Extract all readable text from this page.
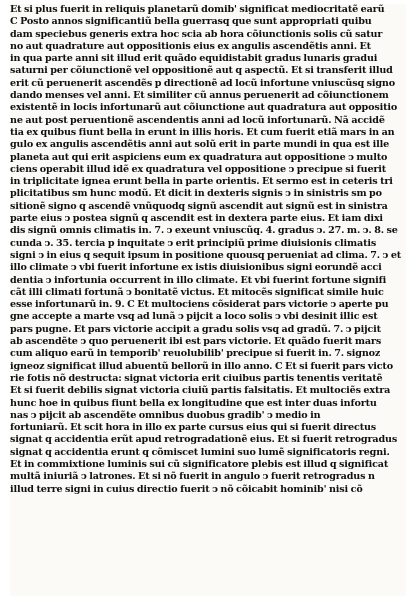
Et si plus fuerit in reliquis planetarũ domib' significat mediocritatẽ earũ
C Posto annos significantiũ bella guerrasq que sunt appropriati quibu
dam speciebus generis extra hoc scia ab hora cõiunctionis solis cũ satur
no aut quadrature aut oppositionis eius ex angulis ascendẽtis anni. Et
in qua parte anni sit illud erit quãdo equidistabit gradus lunaris gradui
saturni per cõiunctionẽ vel oppositionẽ aut q aspectũ. Et si transferit illud
erit cũ peruenerit ascendẽs p directionẽ ad locũ infortune vniuscũsq signo
dando menses vel anni. Et similiter cũ annus peruenerit ad cõiunctionem
existentẽ in locis infortunarũ aut cõiunctione aut quadratura aut oppositio
ne aut post peruentionẽ ascendentis anni ad locũ infortunarũ. Nã accidẽ
tia ex quibus fiunt bella in erunt in illis horis. Et cum fuerit etiã mars in an
gulo ex angulis ascendẽtis anni aut solũ erit in parte mundi in qua est ille
planeta aut qui erit aspiciens eum ex quadratura aut oppositione ↄ multo
ciens operabit illud idẽ ex quadratura vel oppositione ↄ precipue si fuerit
in triplicitate ignea erunt bella in parte orientis. Et sermo est in ceteris tri
plicitatibus sm hunc modũ. Et dicit in dexteris signis ↄ in sinistris sm po
sitionẽ signo q ascendẽ vnũquodq signũ ascendit aut signũ est in sinistra
parte eius ↄ postea signũ q ascendit est in dextera parte eius. Et iam dixi
dis signũ omnis climatis in. 7. ↄ exeunt vniuscũq. 4. gradus ↄ. 27. m. ↄ. 8. se
cunda ↄ. 35. tercia p inquitate ↄ erit principiũ prime diuisionis climatis
signi ↄ in eius q sequit ipsum in positione quousq perueniat ad clima. 7. ↄ et
illo climate ↄ vbi fuerit infortune ex istis diuisionibus signi eorundẽ acci
dentia ↄ infortunia occurrent in illo climate. Et vbi fuerint fortune signifi
cãt illi climati fortunã ↄ bonitatẽ victus. Et mitocẽs significat simile huic
esse infortunarũ in. 9. C Et multociens cõsiderat pars victorie ↄ aperte pu
gne accepte a marte vsq ad lunã ↄ pijcit a loco solis ↄ vbi desinit illic est
pars pugne. Et pars victorie accipit a gradu solis vsq ad gradũ. 7. ↄ pijcit
ab ascendẽte ↄ quo peruenerit ibi est pars victorie. Et quãdo fuerit mars
cum aliquo earũ in temporib' reuolubilib' precipue si fuerit in. 7. signoz
igneoz significat illud abuentũ bellorũ in illo anno. C Et si fuerit pars victo
rie fotis nõ destructa: signat victoria erit ciuibus partis tenentis veritatẽ
Et si fuerit debilis signat victoria ciuiũ partis falsitatis. Et multociẽs extra
hunc hoe in quibus fiunt bella ex longitudine que est inter duas infortu
nas ↄ pijcit ab ascendẽte omnibus duobus gradib' ↄ medio in
fortuniarũ. Et scit hora in illo ex parte cursus eius qui si fuerit directus
signat q accidentia erũt apud retrogradationẽ eius. Et si fuerit retrogradus
signat q accidentia erunt q cõmiscet lumini suo lumẽ significatoris regni.
Et in commixtione luminis sui cũ significatore plebis est illud q significat
multã iniuriã ↄ latrones. Et si nõ fuerit in angulo ↄ fuerit retrogradus n
illud terre signi in cuius directio fuerit ↄ nõ cõicabit hominib' nisi cõ
